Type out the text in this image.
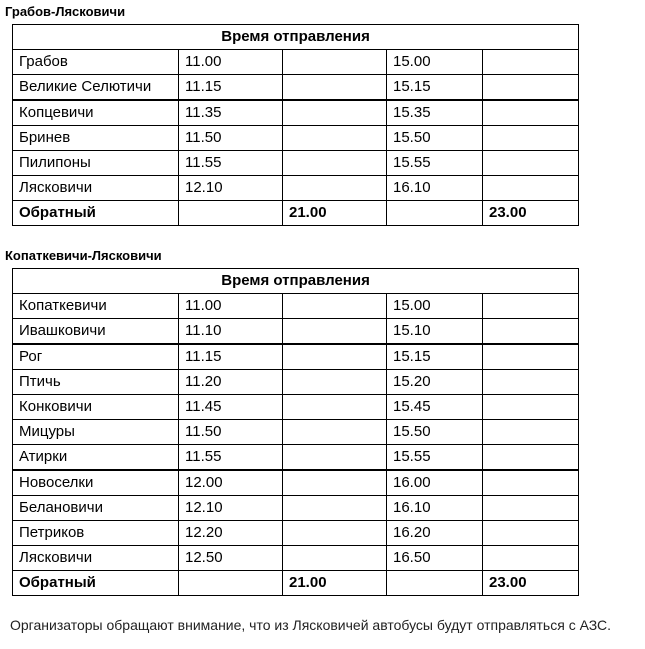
Грабов-Лясковичи
Время отправления				
Грабов	11.00		15.00	
Великие Селютичи	11.15		15.15	
Копцевичи	11.35		15.35	
Бринев	11.50		15.50	
Пилипоны	11.55		15.55	
Лясковичи	12.10		16.10	
Обратный		21.00		23.00
Копаткевичи-Лясковичи
Время отправления				
Копаткевичи	11.00		15.00	
Ивашковичи	11.10		15.10	
Рог	11.15		15.15	
Птичь	11.20		15.20	
Конковичи	11.45		15.45	
Мицуры	11.50		15.50	
Атирки	11.55		15.55	
Новоселки	12.00		16.00	
Белановичи	12.10		16.10	
Петриков	12.20		16.20	
Лясковичи	12.50		16.50	
Обратный		21.00		23.00

Организаторы обращают внимание, что из Лясковичей автобусы будут отправляться с АЗС.
